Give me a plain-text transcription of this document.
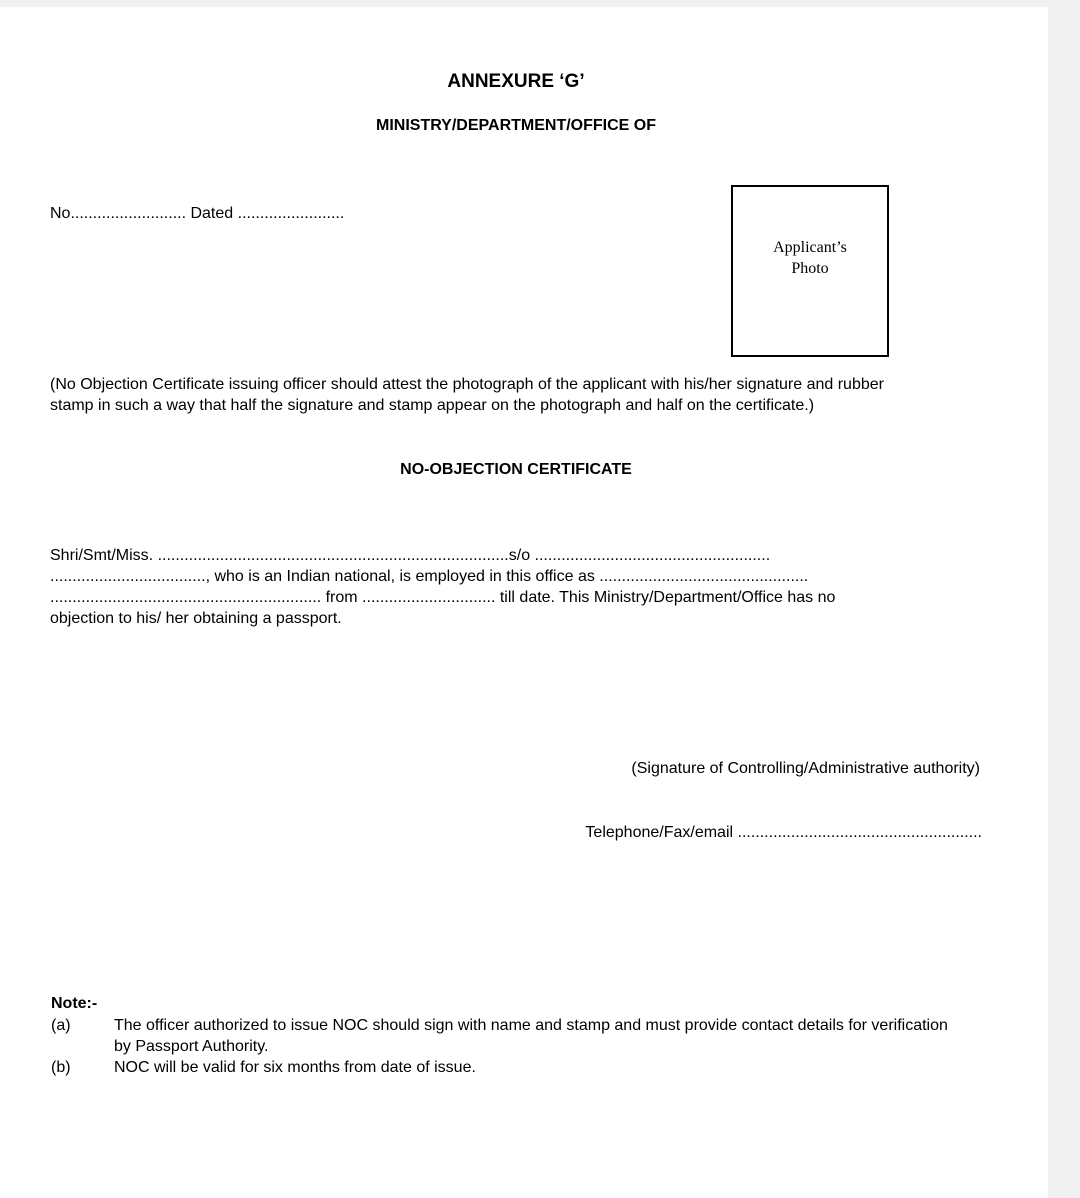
ANNEXURE ‘G’
MINISTRY/DEPARTMENT/OFFICE OF
No.......................... Dated ........................
Applicant’s
Photo
(No Objection Certificate issuing officer should attest the photograph of the applicant with his/her signature and rubber
stamp in such a way that half the signature and stamp appear on the photograph and half on the certificate.)
NO-OBJECTION CERTIFICATE
Shri/Smt/Miss. ...............................................................................s/o .....................................................
..................................., who is an Indian national, is employed in this office as ...............................................
............................................................. from .............................. till date. This Ministry/Department/Office has no
objection to his/ her obtaining a passport.
(Signature of Controlling/Administrative authority)
Telephone/Fax/email .......................................................
Note:-
(a)	The officer authorized to issue NOC should sign with name and stamp and must provide contact details for verification by Passport Authority.
(b)	NOC will be valid for six months from date of issue.
